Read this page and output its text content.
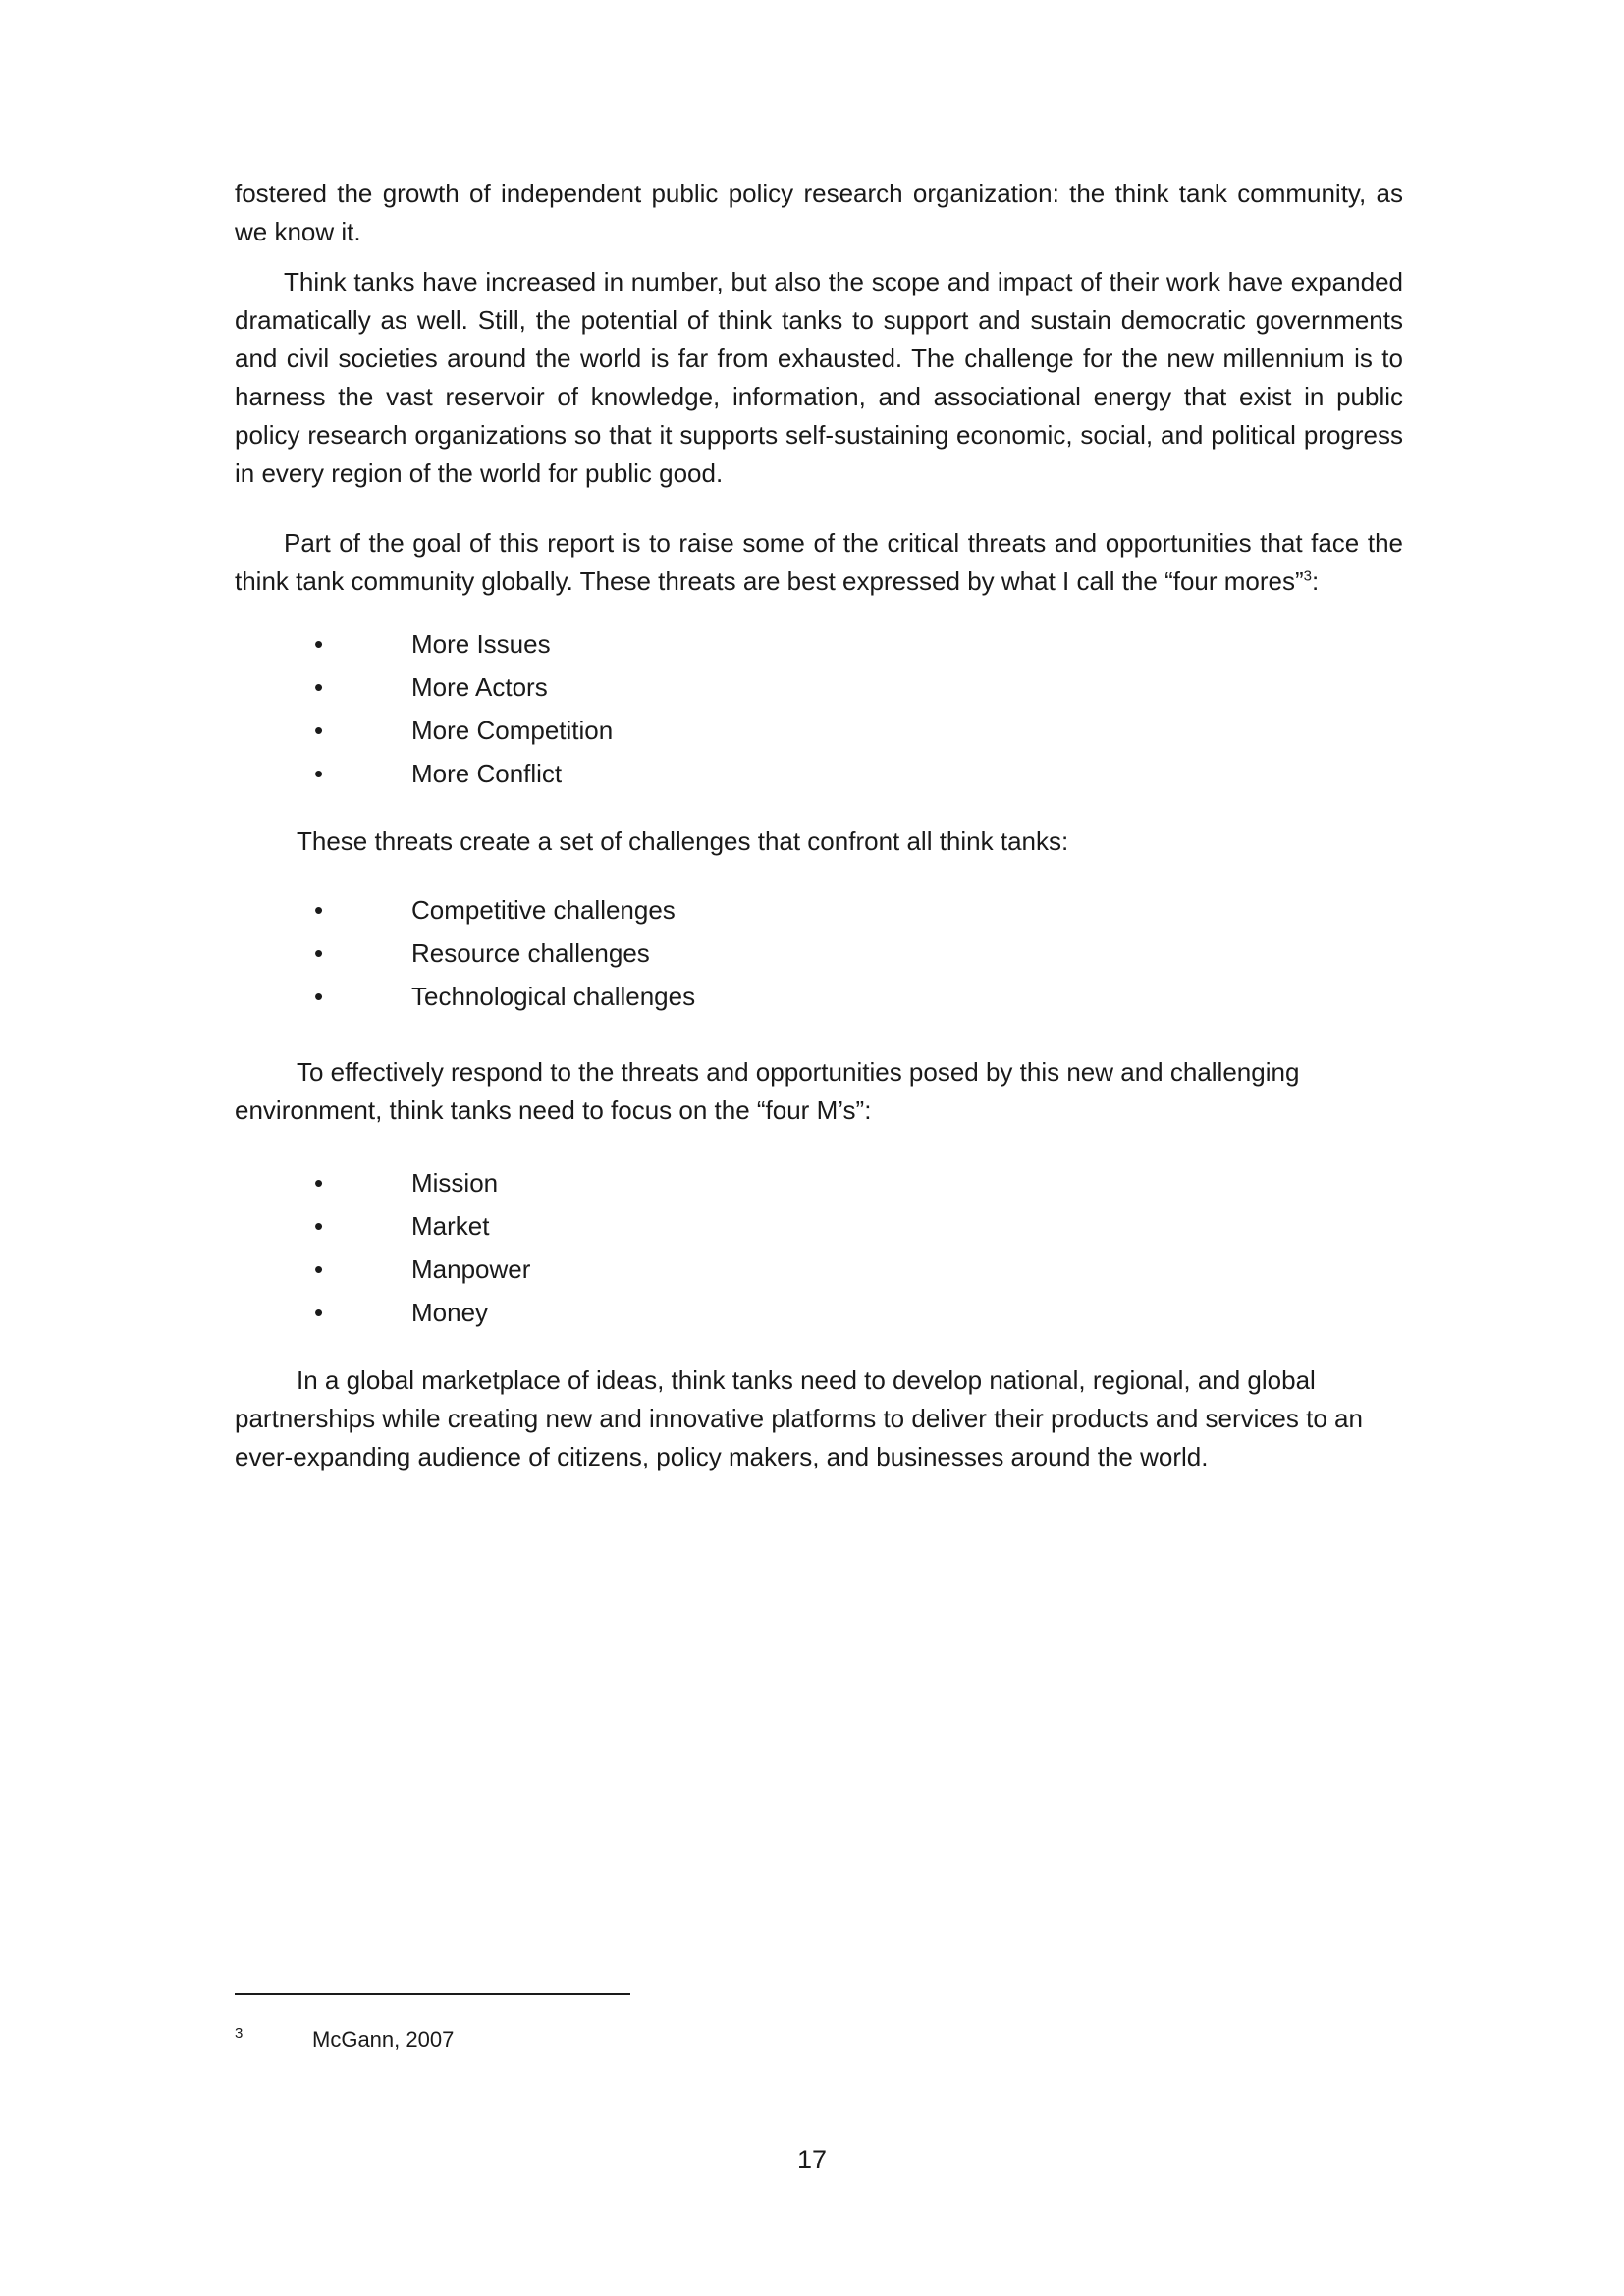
fostered the growth of independent public policy research organization: the think tank community, as we know it.

Think tanks have increased in number, but also the scope and impact of their work have expanded dramatically as well. Still, the potential of think tanks to support and sustain democratic governments and civil societies around the world is far from exhausted. The challenge for the new millennium is to harness the vast reservoir of knowledge, information, and associational energy that exist in public policy research organizations so that it supports self-sustaining economic, social, and political progress in every region of the world for public good.

Part of the goal of this report is to raise some of the critical threats and opportunities that face the think tank community globally. These threats are best expressed by what I call the “four mores”$^3$:

•	More Issues
•	More Actors
•	More Competition
•	More Conflict

These threats create a set of challenges that confront all think tanks:

•	Competitive challenges
•	Resource challenges
•	Technological challenges

To effectively respond to the threats and opportunities posed by this new and challenging environment, think tanks need to focus on the “four M’s”:

•	Mission
•	Market
•	Manpower
•	Money

In a global marketplace of ideas, think tanks need to develop national, regional, and global partnerships while creating new and innovative platforms to deliver their products and services to an ever-expanding audience of citizens, policy makers, and businesses around the world.

3	McGann, 2007
17
